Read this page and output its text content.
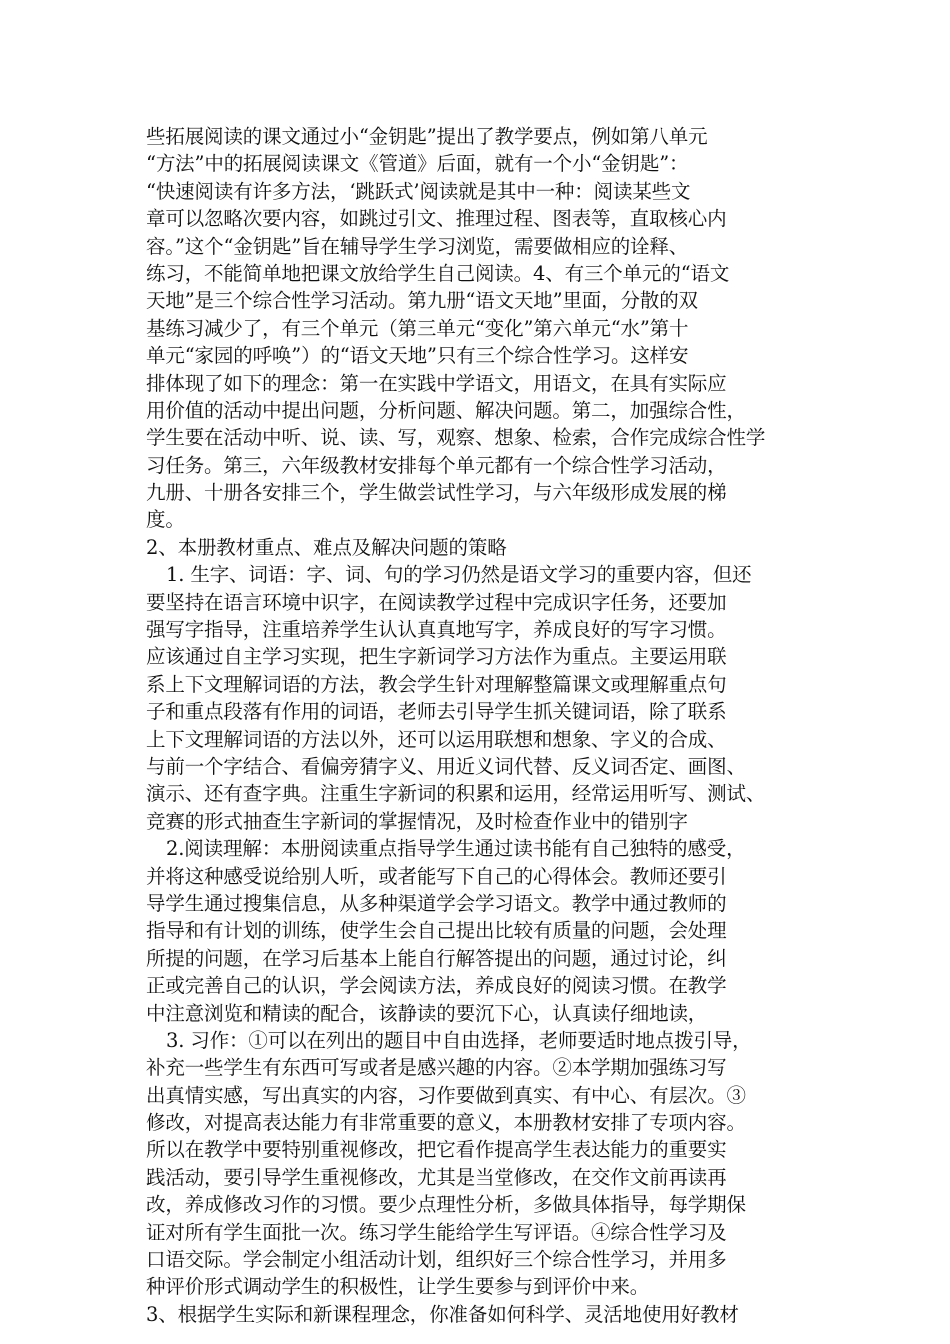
些拓展阅读的课文通过小“金钥匙”提出了教学要点，例如第八单元
“方法”中的拓展阅读课文《管道》后面，就有一个小“金钥匙”：
“快速阅读有许多方法，‘跳跃式’阅读就是其中一种：阅读某些文
章可以忽略次要内容，如跳过引文、推理过程、图表等，直取核心内
容。”这个“金钥匙”旨在辅导学生学习浏览，需要做相应的诠释、
练习，不能简单地把课文放给学生自己阅读。4、有三个单元的“语文
天地”是三个综合性学习活动。第九册“语文天地”里面，分散的双
基练习减少了，有三个单元（第三单元“变化”第六单元“水”第十
单元“家园的呼唤”）的“语文天地”只有三个综合性学习。这样安
排体现了如下的理念：第一在实践中学语文，用语文，在具有实际应
用价值的活动中提出问题，分析问题、解决问题。第二，加强综合性，
学生要在活动中听、说、读、写，观察、想象、检索，合作完成综合性学
习任务。第三，六年级教材安排每个单元都有一个综合性学习活动，
九册、十册各安排三个，学生做尝试性学习，与六年级形成发展的梯
度。
2、本册教材重点、难点及解决问题的策略
1. 生字、词语：字、词、句的学习仍然是语文学习的重要内容，但还
要坚持在语言环境中识字，在阅读教学过程中完成识字任务，还要加
强写字指导，注重培养学生认认真真地写字，养成良好的写字习惯。
应该通过自主学习实现，把生字新词学习方法作为重点。主要运用联
系上下文理解词语的方法，教会学生针对理解整篇课文或理解重点句
子和重点段落有作用的词语，老师去引导学生抓关键词语，除了联系
上下文理解词语的方法以外，还可以运用联想和想象、字义的合成、
与前一个字结合、看偏旁猜字义、用近义词代替、反义词否定、画图、
演示、还有查字典。注重生字新词的积累和运用，经常运用听写、测试、
竞赛的形式抽查生字新词的掌握情况，及时检查作业中的错别字
2.阅读理解：本册阅读重点指导学生通过读书能有自己独特的感受，
并将这种感受说给别人听，或者能写下自己的心得体会。教师还要引
导学生通过搜集信息，从多种渠道学会学习语文。教学中通过教师的
指导和有计划的训练，使学生会自己提出比较有质量的问题，会处理
所提的问题，在学习后基本上能自行解答提出的问题，通过讨论，纠
正或完善自己的认识，学会阅读方法，养成良好的阅读习惯。在教学
中注意浏览和精读的配合，该静读的要沉下心，认真读仔细地读，
3. 习作：①可以在列出的题目中自由选择，老师要适时地点拨引导，
补充一些学生有东西可写或者是感兴趣的内容。②本学期加强练习写
出真情实感，写出真实的内容，习作要做到真实、有中心、有层次。③
修改，对提高表达能力有非常重要的意义，本册教材安排了专项内容。
所以在教学中要特别重视修改，把它看作提高学生表达能力的重要实
践活动，要引导学生重视修改，尤其是当堂修改，在交作文前再读再
改，养成修改习作的习惯。要少点理性分析，多做具体指导，每学期保
证对所有学生面批一次。练习学生能给学生写评语。④综合性学习及
口语交际。学会制定小组活动计划，组织好三个综合性学习，并用多
种评价形式调动学生的积极性，让学生要参与到评价中来。
3、根据学生实际和新课程理念，你准备如何科学、灵活地使用好教材
